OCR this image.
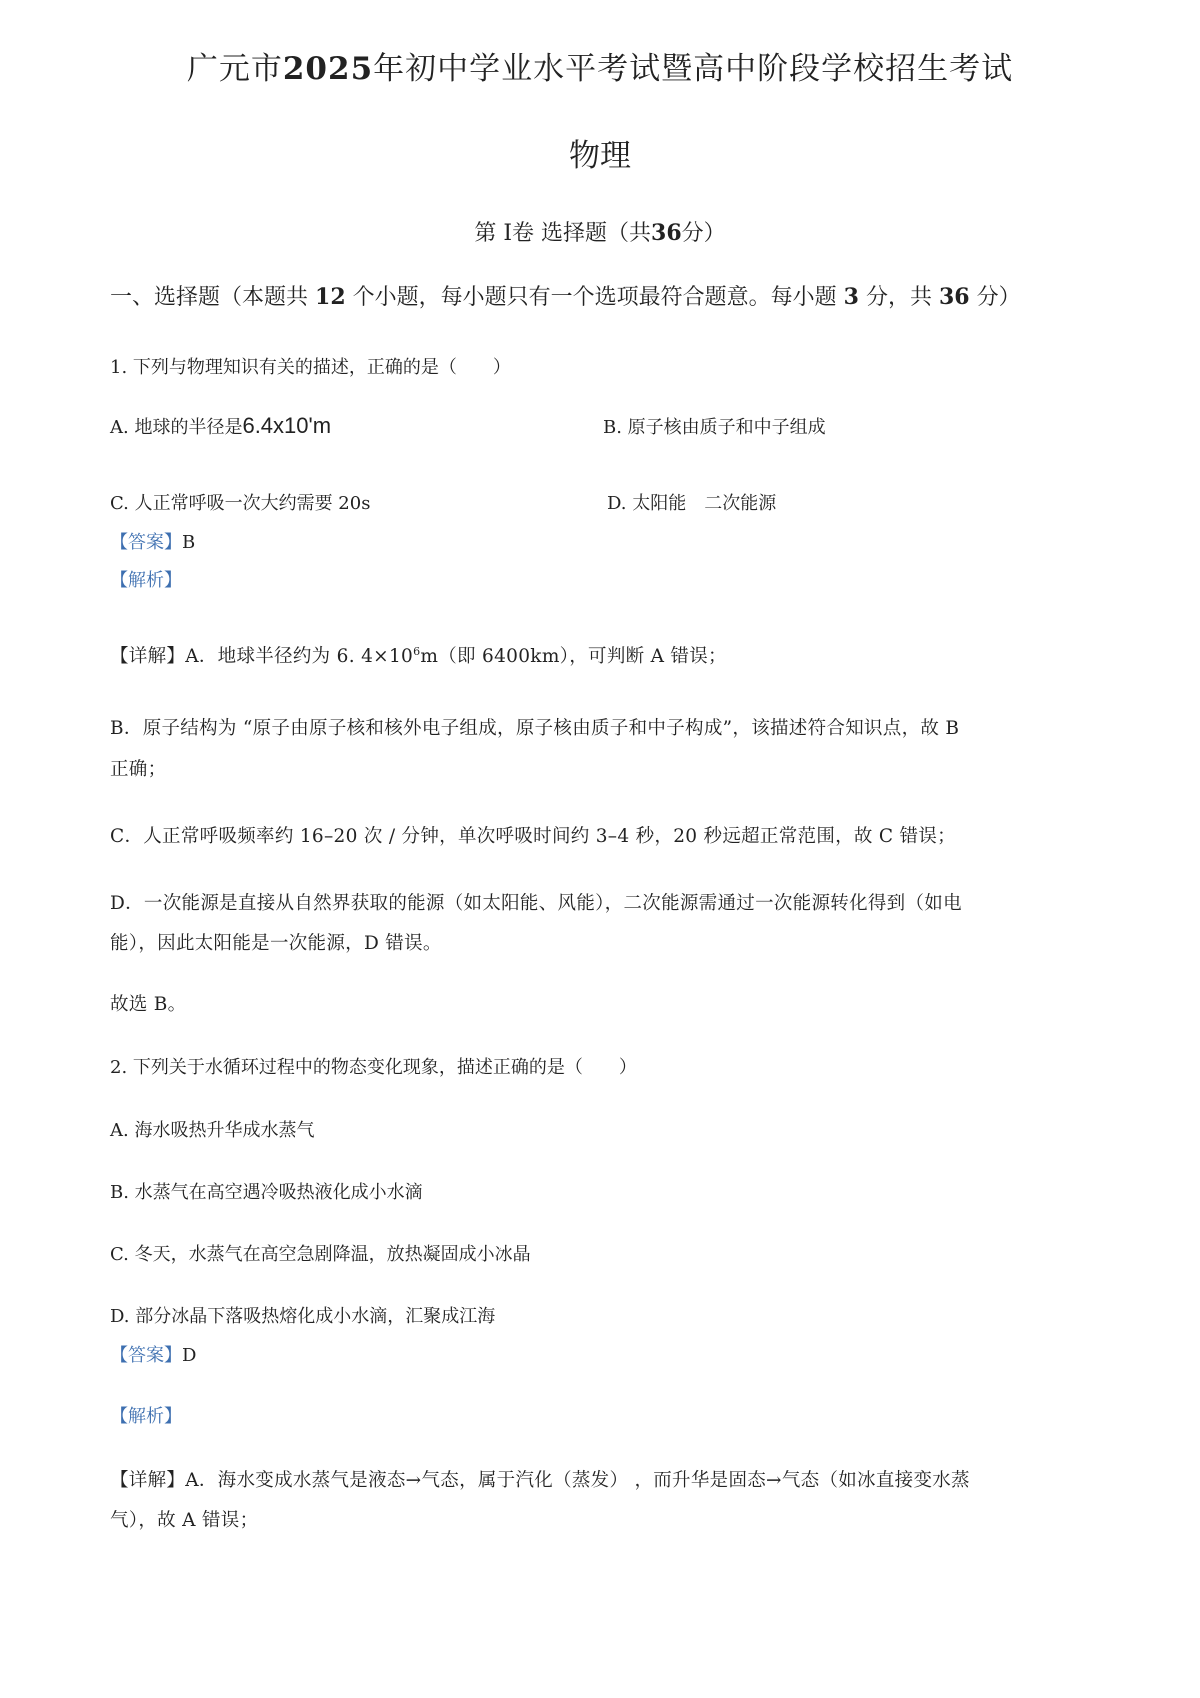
广元市2025年初中学业水平考试暨高中阶段学校招生考试
物理
第 Ⅰ卷 选择题（共36分）
一、选择题（本题共 12 个小题，每小题只有一个选项最符合题意。每小题 3 分，共 36 分）
1. 下列与物理知识有关的描述，正确的是（　　）
A. 地球的半径是6.4x10'm	B. 原子核由质子和中子组成
C. 人正常呼吸一次大约需要 20s	D. 太阳能　二次能源
【答案】B
【解析】
【详解】A．地球半径约为 6. $4\times 10^6m$（即 6400km），可判断 A 错误；
B．原子结构为 “原子由原子核和核外电子组成，原子核由质子和中子构成”，该描述符合知识点，故 B
正确；
C．人正常呼吸频率约 16–20 次 / 分钟，单次呼吸时间约 3–4 秒，20 秒远超正常范围，故 C 错误；
D．一次能源是直接从自然界获取的能源（如太阳能、风能），二次能源需通过一次能源转化得到（如电
能），因此太阳能是一次能源，D 错误。
故选 B。
2. 下列关于水循环过程中的物态变化现象，描述正确的是（　　）
A. 海水吸热升华成水蒸气
B. 水蒸气在高空遇冷吸热液化成小水滴
C. 冬天，水蒸气在高空急剧降温，放热凝固成小冰晶
D. 部分冰晶下落吸热熔化成小水滴，汇聚成江海
【答案】D
【解析】
【详解】A．海水变成水蒸气是液态→气态，属于汽化（蒸发） ，而升华是固态→气态（如冰直接变水蒸
气），故 A 错误；
